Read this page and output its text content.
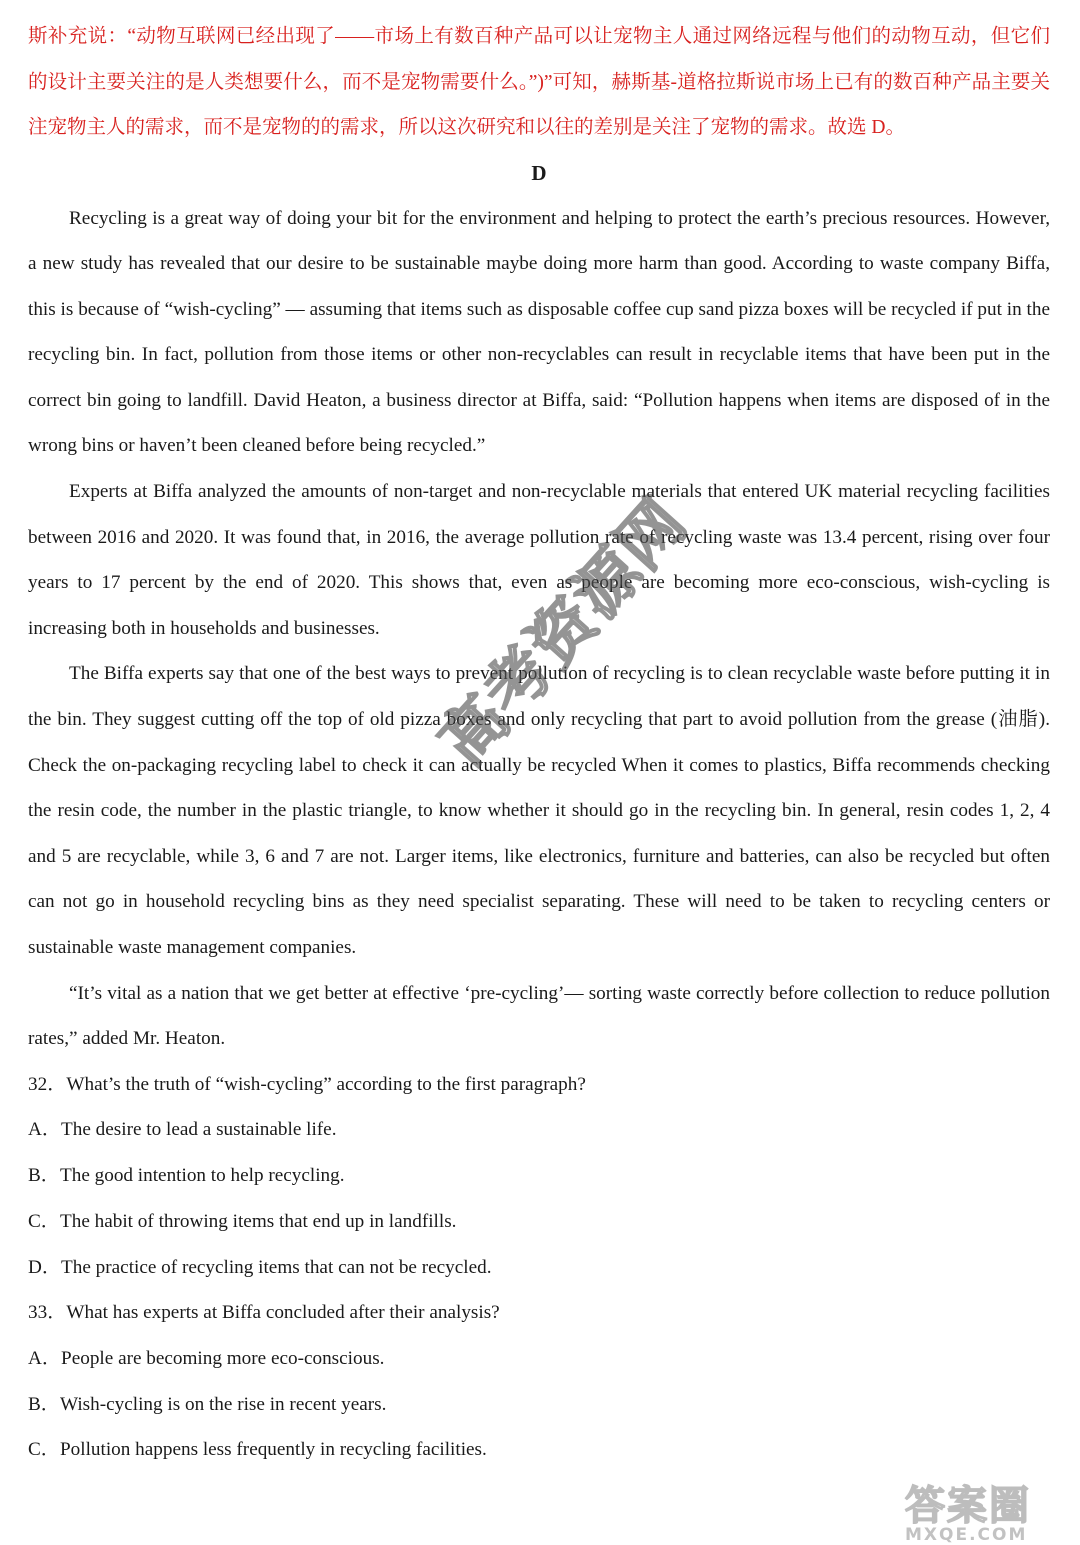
斯补充说：“动物互联网已经出现了——市场上有数百种产品可以让宠物主人通过网络远程与他们的动物互动，但它们的设计主要关注的是人类想要什么，而不是宠物需要什么。”)”可知，赫斯基-道格拉斯说市场上已有的数百种产品主要关注宠物主人的需求，而不是宠物的的需求，所以这次研究和以往的差别是关注了宠物的需求。故选 D。

D

Recycling is a great way of doing your bit for the environment and helping to protect the earth’s precious resources. However, a new study has revealed that our desire to be sustainable maybe doing more harm than good. According to waste company Biffa, this is because of “wish-cycling” — assuming that items such as disposable coffee cup sand pizza boxes will be recycled if put in the recycling bin. In fact, pollution from those items or other non-recyclables can result in recyclable items that have been put in the correct bin going to landfill. David Heaton, a business director at Biffa, said: “Pollution happens when items are disposed of in the wrong bins or haven’t been cleaned before being recycled.”

Experts at Biffa analyzed the amounts of non-target and non-recyclable materials that entered UK material recycling facilities between 2016 and 2020. It was found that, in 2016, the average pollution rate of recycling waste was 13.4 percent, rising over four years to 17 percent by the end of 2020. This shows that, even as people are becoming more eco-conscious, wish-cycling is increasing both in households and businesses.

The Biffa experts say that one of the best ways to prevent pollution of recycling is to clean recyclable waste before putting it in the bin. They suggest cutting off the top of old pizza boxes and only recycling that part to avoid pollution from the grease (油脂). Check the on-packaging recycling label to check it can actually be recycled When it comes to plastics, Biffa recommends checking the resin code, the number in the plastic triangle, to know whether it should go in the recycling bin. In general, resin codes 1, 2, 4 and 5 are recyclable, while 3, 6 and 7 are not. Larger items, like electronics, furniture and batteries, can also be recycled but often can not go in household recycling bins as they need specialist separating. These will need to be taken to recycling centers or sustainable waste management companies.

“It’s vital as a nation that we get better at effective ‘pre-cycling’— sorting waste correctly before collection to reduce pollution rates,” added Mr. Heaton.

32．What’s the truth of “wish-cycling” according to the first paragraph?

A．The desire to lead a sustainable life.

B．The good intention to help recycling.

C．The habit of throwing items that end up in landfills.

D．The practice of recycling items that can not be recycled.

33．What has experts at Biffa concluded after their analysis?

A．People are becoming more eco-conscious.

B．Wish-cycling is on the rise in recent years.

C．Pollution happens less frequently in recycling facilities.

高考资源网
答案圈
MXQE.COM
